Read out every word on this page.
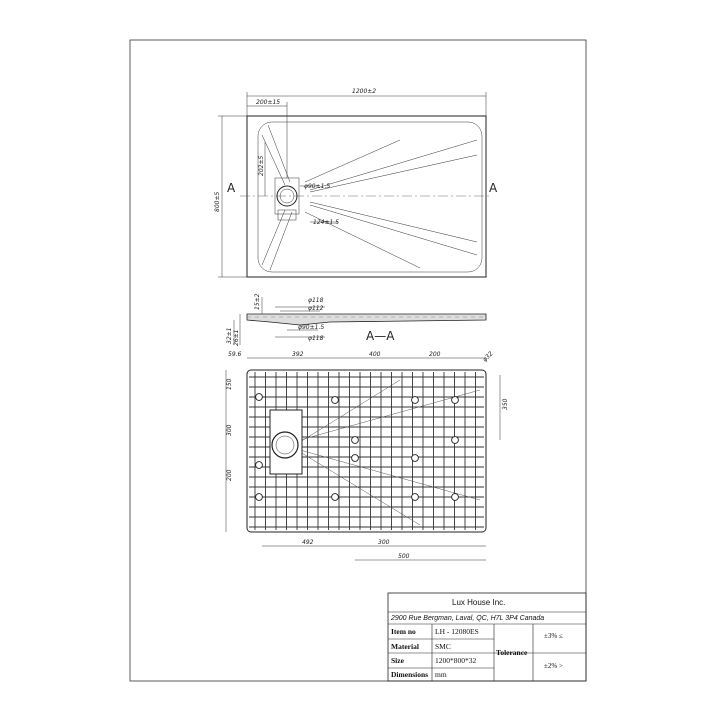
1200±2
200±15
800±5
202±5
φ90±1.5
124±1.5
A	A
15±2	φ118
φ112
φ90±1.5
φ118
32±1 26±1	A—A
59.6	392	400	200	φ32
150
300
200
350
492	300
500
Lux House Inc.
2900 Rue Bergman, Laval, QC, H7L 3P4 Canada
Item no	LH - 12080ES
Material SMC
Size	1200*800*32
Dimensions mm
Tolerance
±3% ≤
±2% >
